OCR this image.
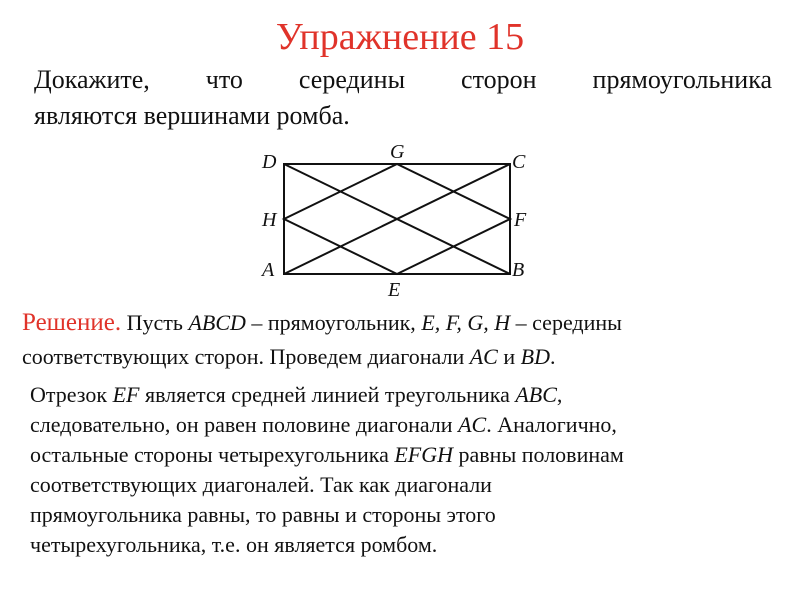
Упражнение 15
Докажите, что середины сторон прямоугольника
являются вершинами ромба.
D	G	C
H	F
A
E
B
Решение. Пусть ABCD – прямоугольник, E, F, G, H – середины
соответствующих сторон. Проведем диагонали AC и BD.
Отрезок EF является средней линией треугольника ABC,
следовательно, он равен половине диагонали AC. Аналогично,
остальные стороны четырехугольника EFGH равны половинам
соответствующих диагоналей. Так как диагонали
прямоугольника равны, то равны и стороны этого
четырехугольника, т.е. он является ромбом.
